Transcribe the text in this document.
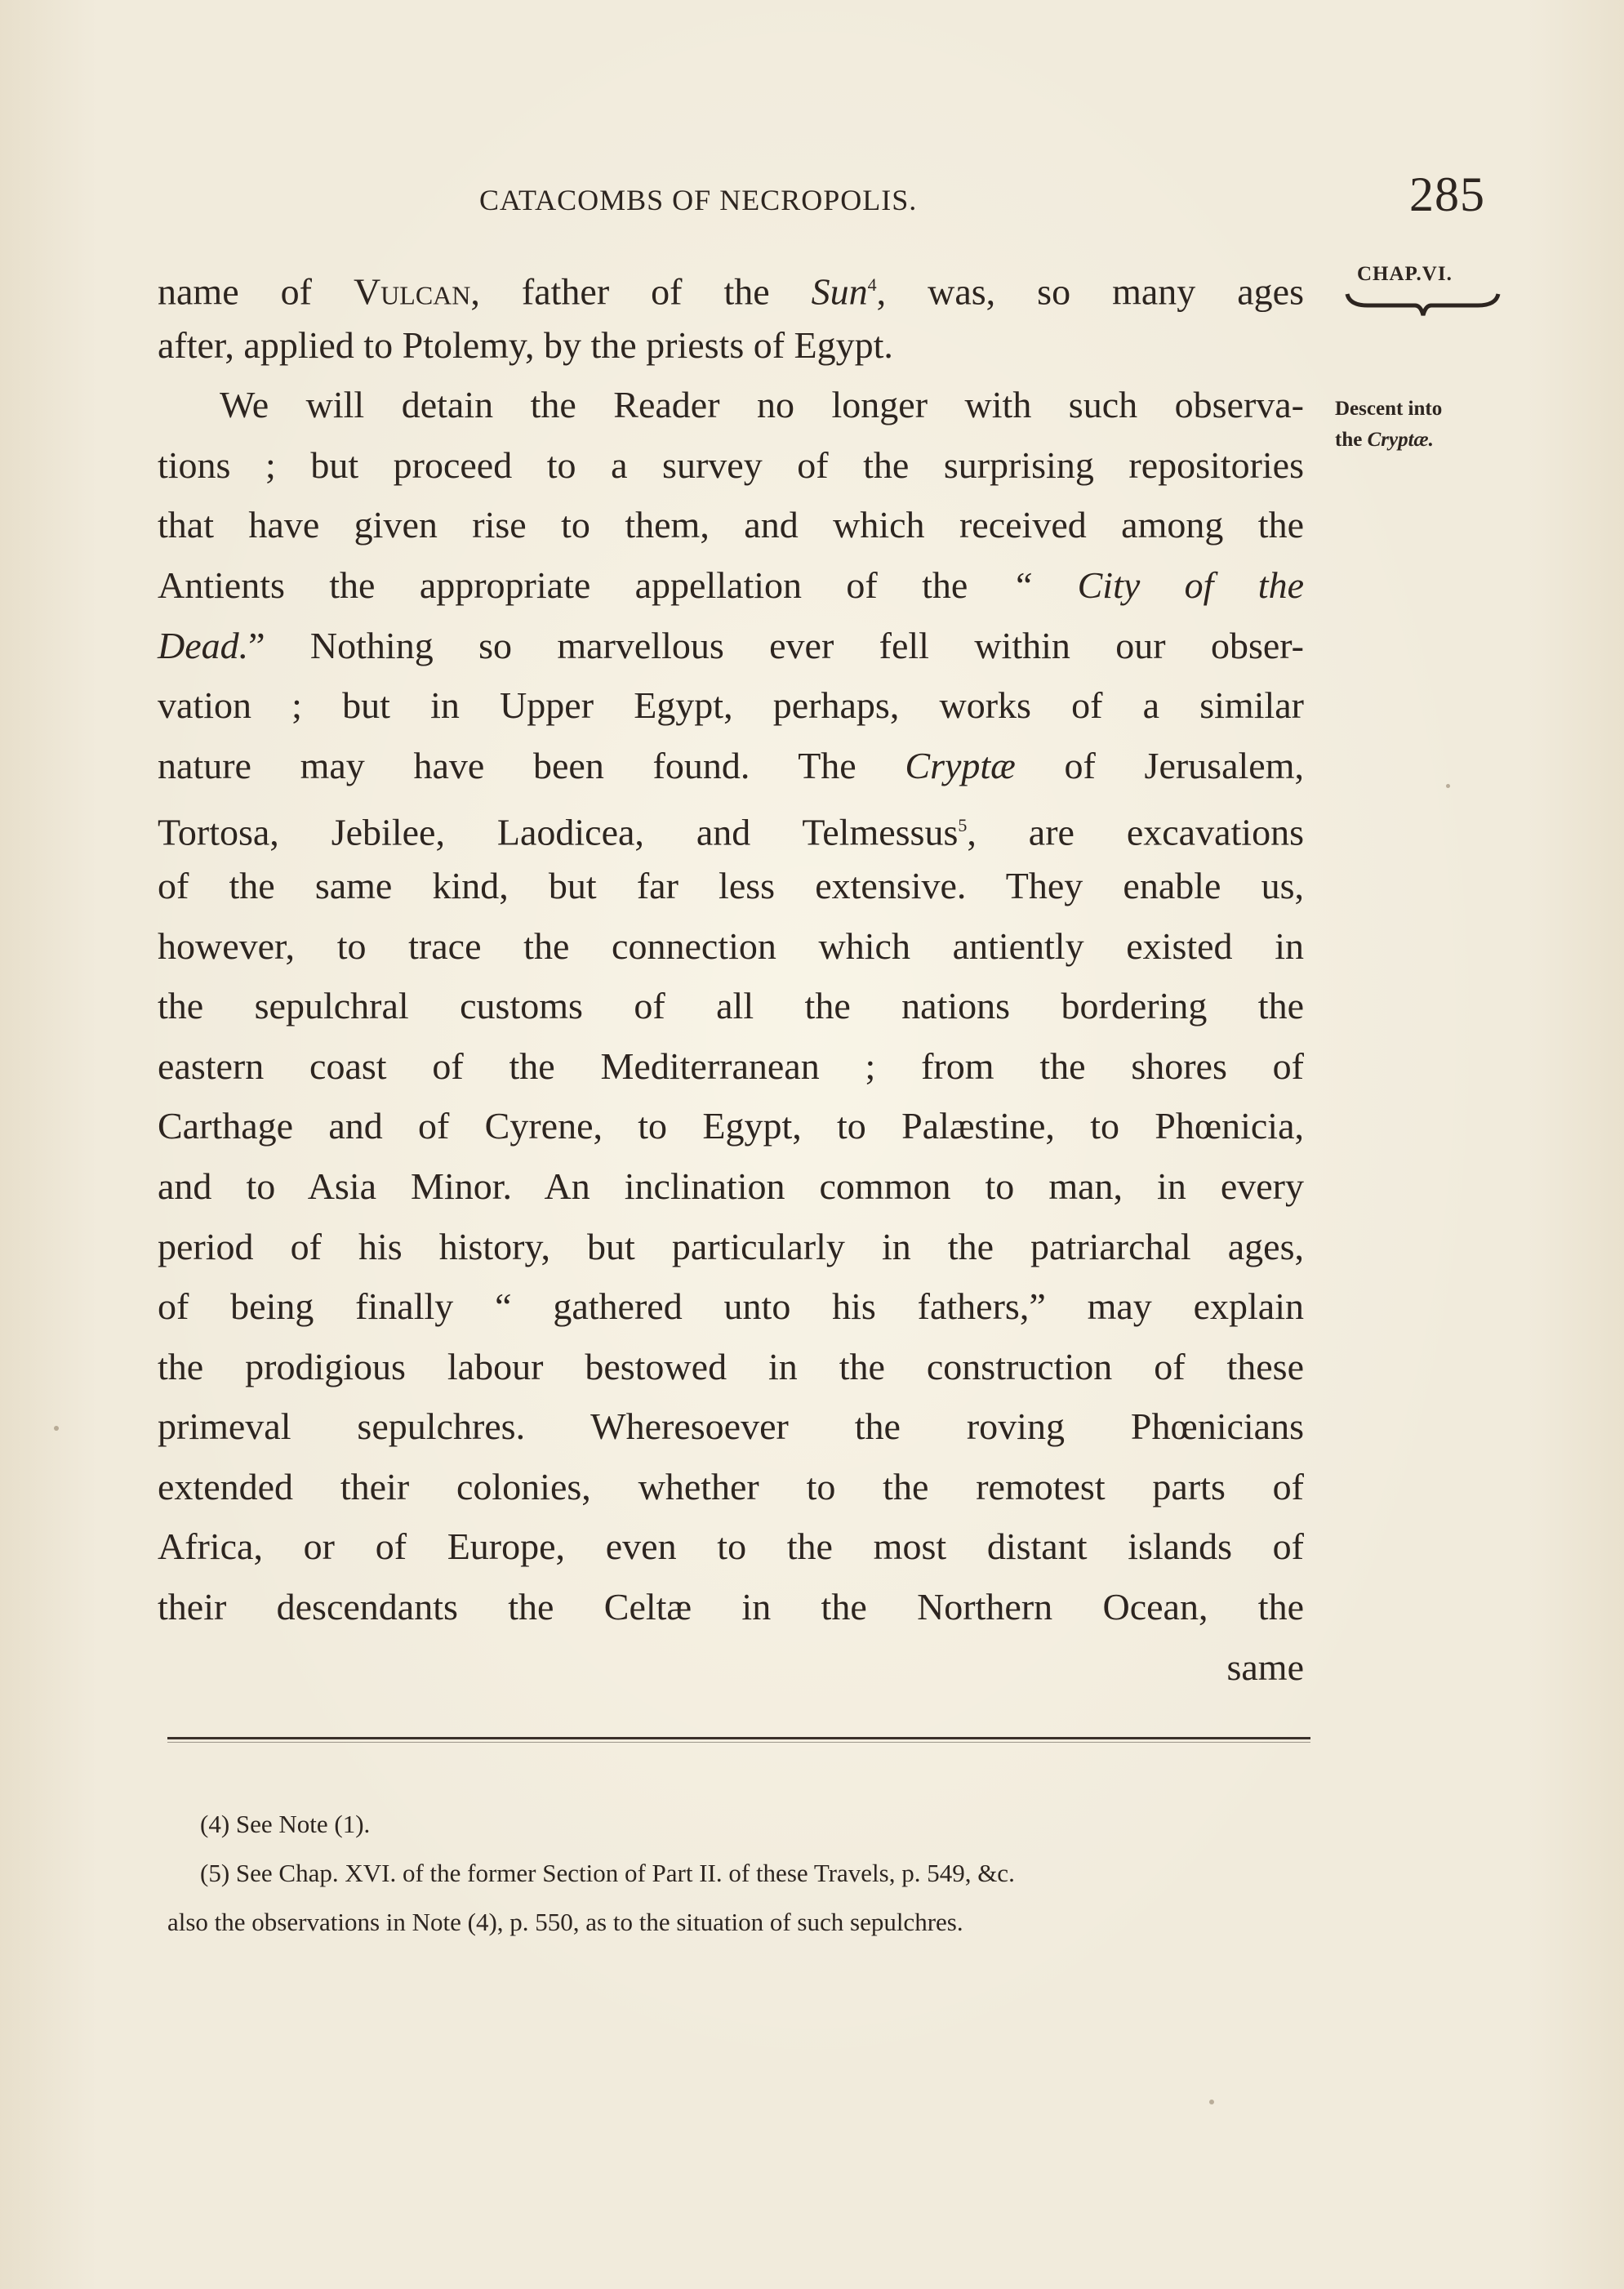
CATACOMBS OF NECROPOLIS.	285
CHAP.VI.
Descent into
the Cryptæ.
name of Vulcan, father of the Sun$^4$, was, so many ages
after, applied to Ptolemy, by the priests of Egypt.
We will detain the Reader no longer with such observa-
tions ; but proceed to a survey of the surprising repositories
that have given rise to them, and which received among the
Antients the appropriate appellation of the “ City of the
Dead.” Nothing so marvellous ever fell within our obser-
vation ; but in Upper Egypt, perhaps, works of a similar
nature may have been found. The Cryptæ of Jerusalem,
Tortosa, Jebilee, Laodicea, and Telmessus$^5$, are excavations
of the same kind, but far less extensive. They enable us,
however, to trace the connection which antiently existed in
the sepulchral customs of all the nations bordering the
eastern coast of the Mediterranean ; from the shores of
Carthage and of Cyrene, to Egypt, to Palæstine, to Phœnicia,
and to Asia Minor. An inclination common to man, in every
period of his history, but particularly in the patriarchal ages,
of being finally “ gathered unto his fathers,” may explain
the prodigious labour bestowed in the construction of these
primeval sepulchres. Wheresoever the roving Phœnicians
extended their colonies, whether to the remotest parts of
Africa, or of Europe, even to the most distant islands of
their descendants the Celtæ in the Northern Ocean, the
same
(4) See Note (1).
(5) See Chap. XVI. of the former Section of Part II. of these Travels, p. 549, &c.
also the observations in Note (4), p. 550, as to the situation of such sepulchres.
